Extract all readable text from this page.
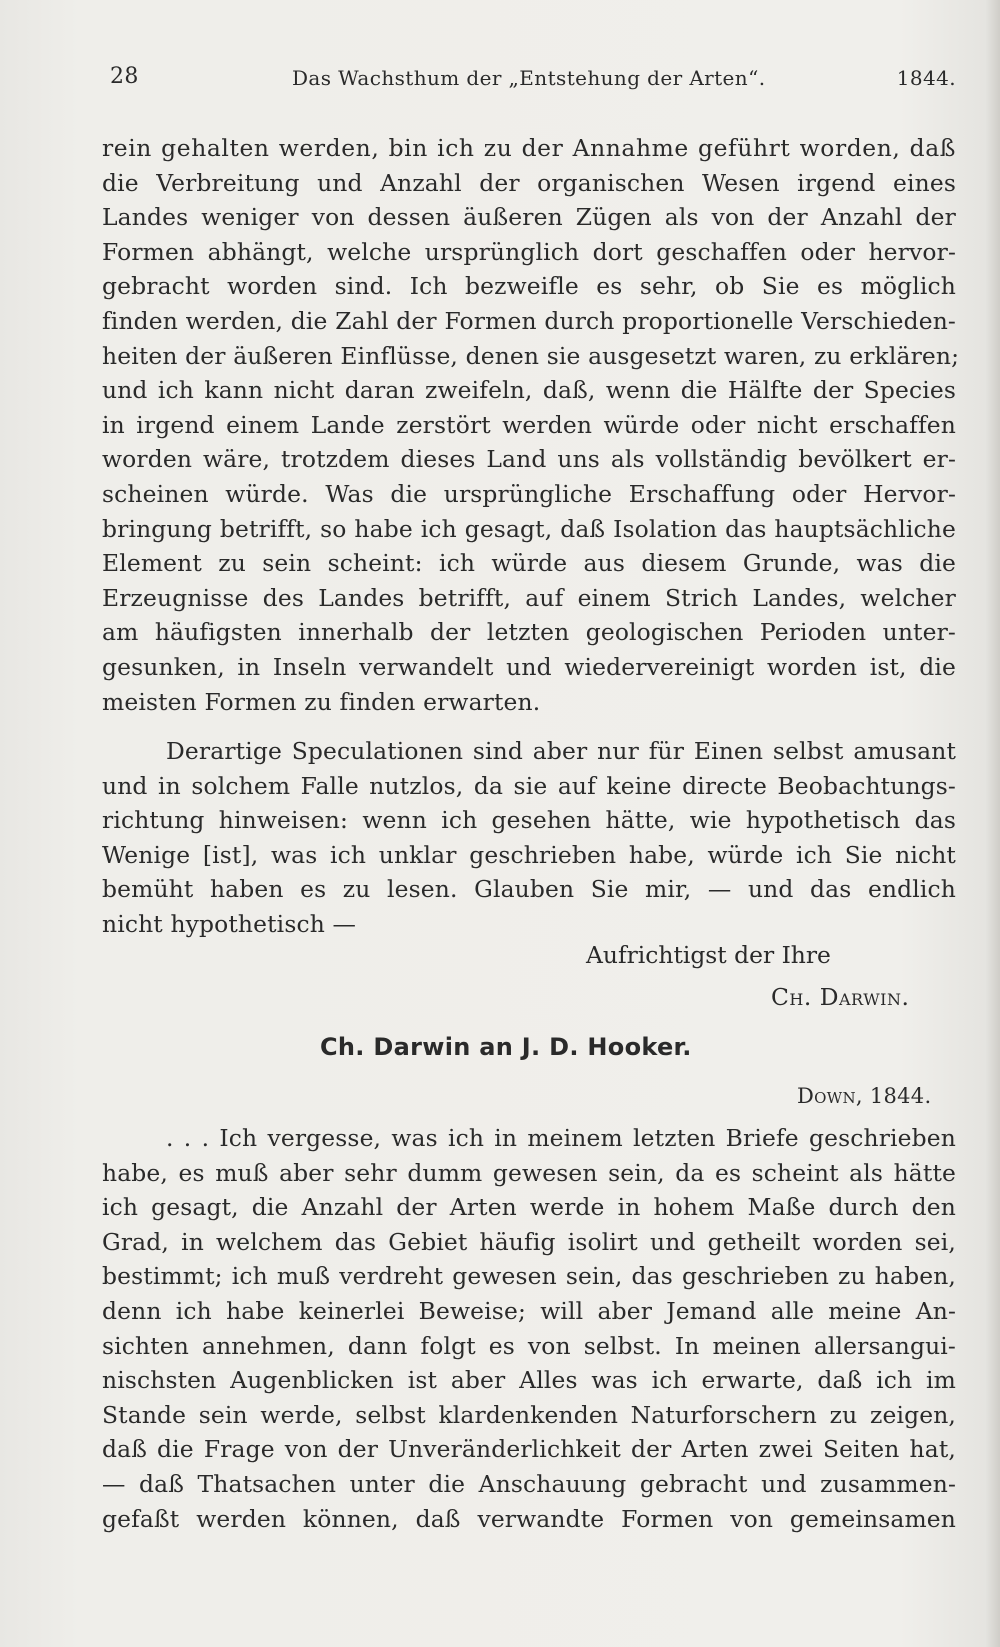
28	Das Wachsthum der „Entstehung der Arten“.	1844.
rein gehalten werden, bin ich zu der Annahme geführt worden, daß
die Verbreitung und Anzahl der organischen Wesen irgend eines
Landes weniger von dessen äußeren Zügen als von der Anzahl der
Formen abhängt, welche ursprünglich dort geschaffen oder hervor-
gebracht worden sind. Ich bezweifle es sehr, ob Sie es möglich
finden werden, die Zahl der Formen durch proportionelle Verschieden-
heiten der äußeren Einflüsse, denen sie ausgesetzt waren, zu erklären;
und ich kann nicht daran zweifeln, daß, wenn die Hälfte der Species
in irgend einem Lande zerstört werden würde oder nicht erschaffen
worden wäre, trotzdem dieses Land uns als vollständig bevölkert er-
scheinen würde. Was die ursprüngliche Erschaffung oder Hervor-
bringung betrifft, so habe ich gesagt, daß Isolation das hauptsächliche
Element zu sein scheint: ich würde aus diesem Grunde, was die
Erzeugnisse des Landes betrifft, auf einem Strich Landes, welcher
am häufigsten innerhalb der letzten geologischen Perioden unter-
gesunken, in Inseln verwandelt und wiedervereinigt worden ist, die
meisten Formen zu finden erwarten.
Derartige Speculationen sind aber nur für Einen selbst amusant
und in solchem Falle nutzlos, da sie auf keine directe Beobachtungs-
richtung hinweisen: wenn ich gesehen hätte, wie hypothetisch das
Wenige [ist], was ich unklar geschrieben habe, würde ich Sie nicht
bemüht haben es zu lesen. Glauben Sie mir, — und das endlich
nicht hypothetisch —
Aufrichtigst der Ihre
Ch. Darwin.
Ch. Darwin an J. D. Hooker.
Down, 1844.
. . . Ich vergesse, was ich in meinem letzten Briefe geschrieben
habe, es muß aber sehr dumm gewesen sein, da es scheint als hätte
ich gesagt, die Anzahl der Arten werde in hohem Maße durch den
Grad, in welchem das Gebiet häufig isolirt und getheilt worden sei,
bestimmt; ich muß verdreht gewesen sein, das geschrieben zu haben,
denn ich habe keinerlei Beweise; will aber Jemand alle meine An-
sichten annehmen, dann folgt es von selbst. In meinen allersangui-
nischsten Augenblicken ist aber Alles was ich erwarte, daß ich im
Stande sein werde, selbst klardenkenden Naturforschern zu zeigen,
daß die Frage von der Unveränderlichkeit der Arten zwei Seiten hat,
— daß Thatsachen unter die Anschauung gebracht und zusammen-
gefaßt werden können, daß verwandte Formen von gemeinsamen
